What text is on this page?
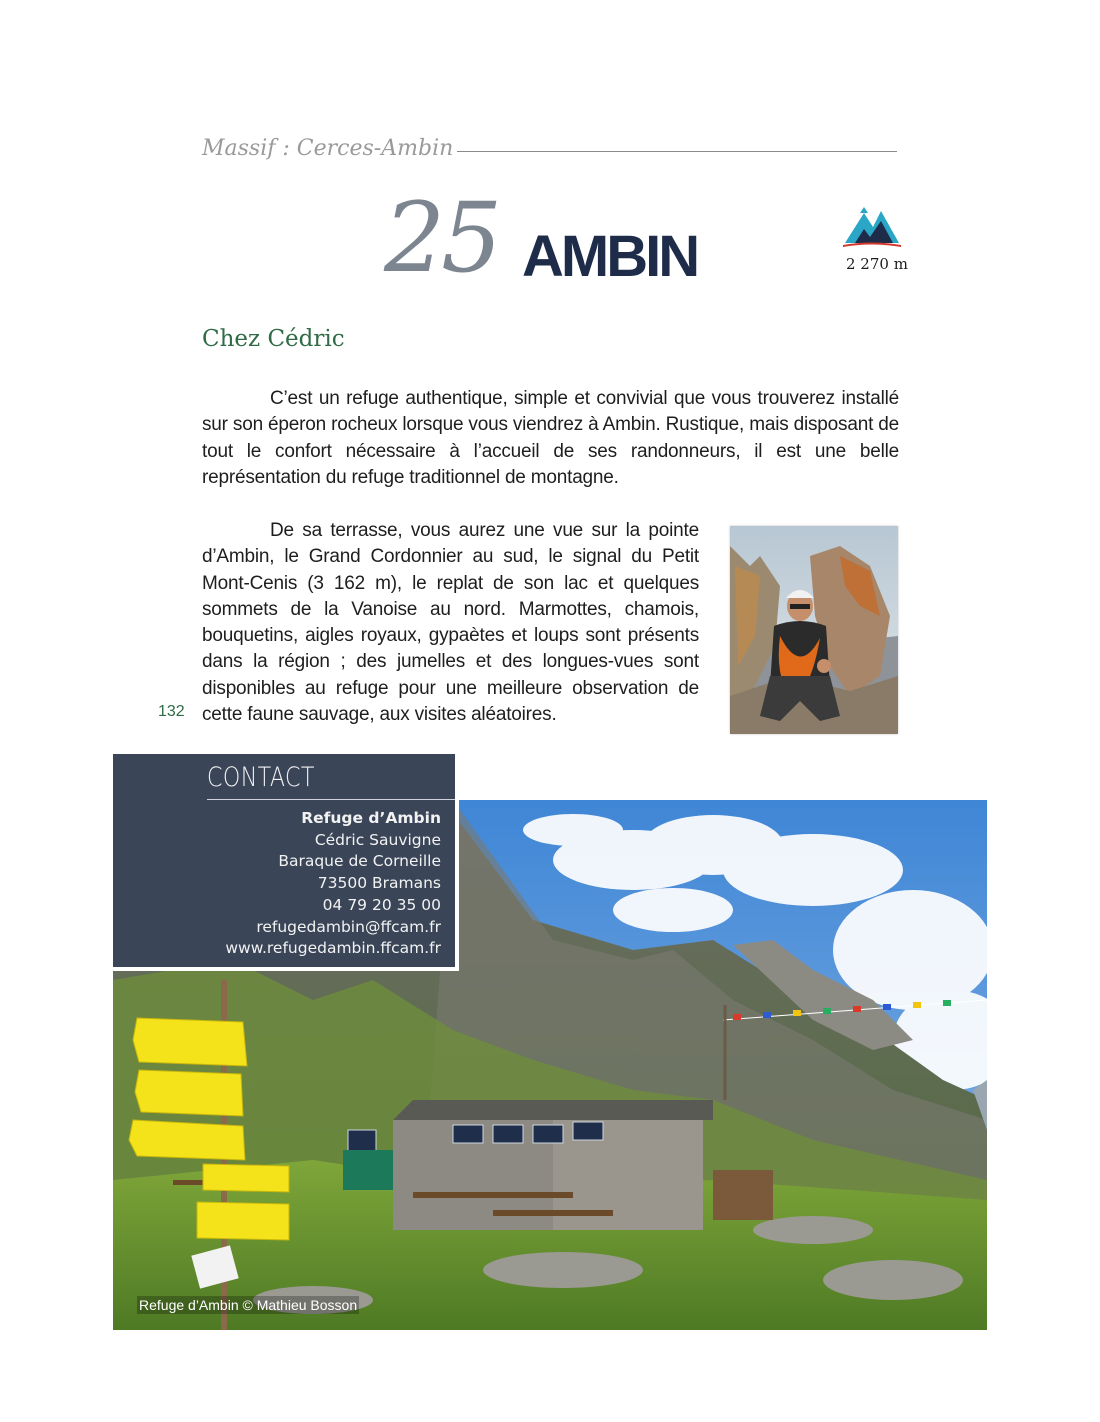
Massif : Cerces-Ambin
25 AMBIN	2 270 m
Chez Cédric

C’est un refuge authentique, simple et convivial que vous trouverez installé sur son éperon rocheux lorsque vous viendrez à Ambin. Rustique, mais disposant de tout le confort nécessaire à l’accueil de ses randonneurs, il est une belle représentation du refuge traditionnel de montagne.

De sa terrasse, vous aurez une vue sur la pointe d’Ambin, le Grand Cordonnier au sud, le signal du Petit Mont-Cenis (3 162 m), le replat de son lac et quelques sommets de la Vanoise au nord. Marmottes, chamois, bouquetins, aigles royaux, gypaètes et loups sont présents dans la région ; des jumelles et des longues-vues sont disponibles au refuge pour une meilleure observation de cette faune sauvage, aux visites aléatoires.

132
Refuge d’Ambin © Mathieu Bosson
CONTACT
Refuge d’Ambin
Cédric Sauvigne
Baraque de Corneille
73500 Bramans
04 79 20 35 00
refugedambin@ffcam.fr
www.refugedambin.ffcam.fr
